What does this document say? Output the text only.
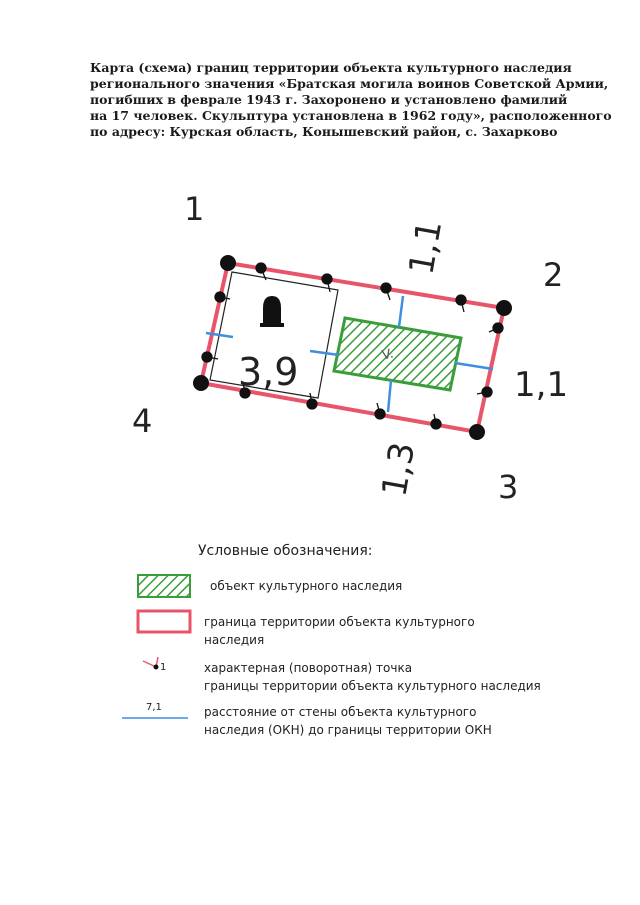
Карта (схема) границ территории объекта культурного наследия
регионального значения «Братская могила воинов Советской Армии,
погибших в феврале 1943 г. Захоронено и установлено фамилий
на 17 человек. Скульптура установлена в 1962 году», расположенного
по адресу: Курская область, Конышевский район, с. Захарково
V.
1
2
3
4
1,1
1,1
1,3
3,9
Условные обозначения:
объект культурного наследия
граница территории объекта культурного
наследия
1	характерная (поворотная) точка
границы территории объекта культурного наследия
7,1	расстояние от стены объекта культурного
наследия (ОКН) до границы территории ОКН
